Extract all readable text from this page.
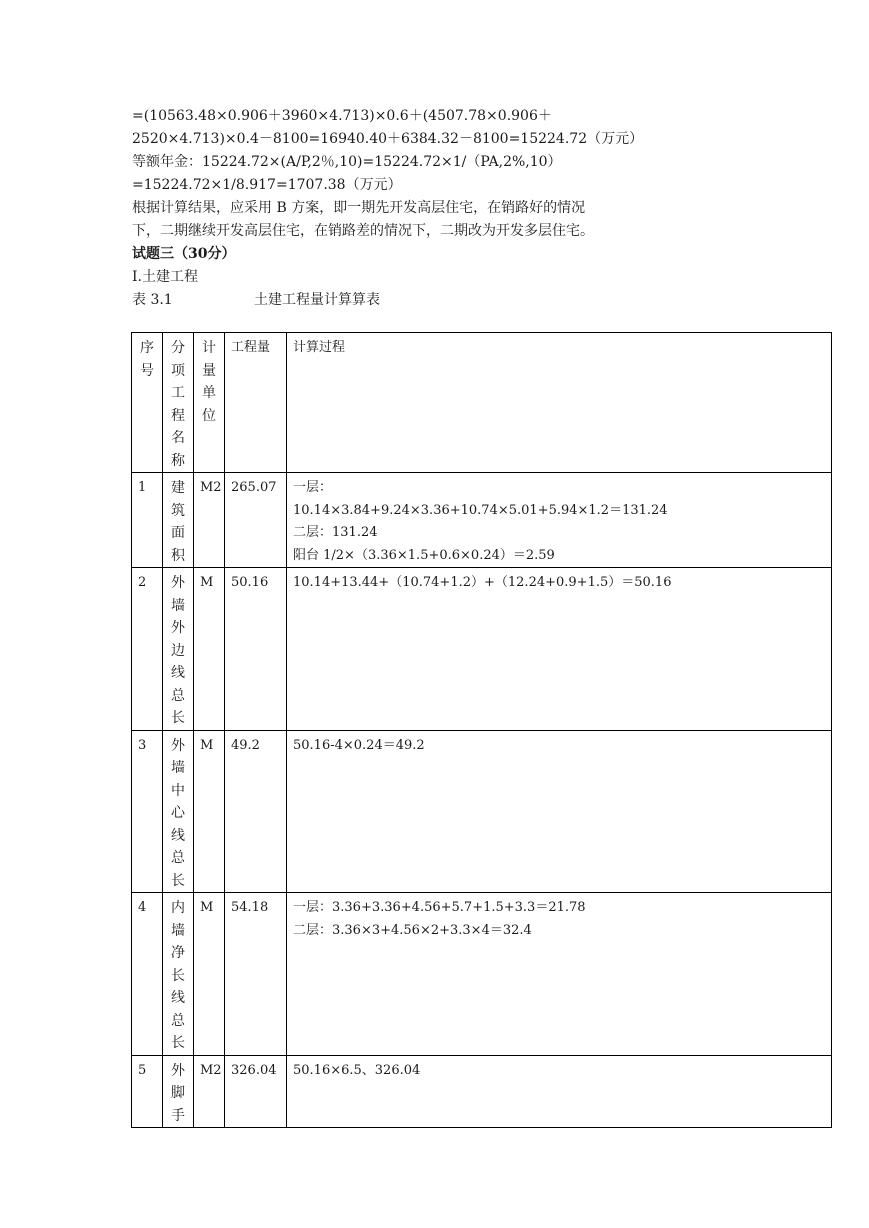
=(10563.48×0.906＋3960×4.713)×0.6＋(4507.78×0.906＋
2520×4.713)×0.4－8100=16940.40＋6384.32－8100=15224.72（万元）
等额年金：15224.72×(A/P,2％,10)=15224.72×1/（PA,2%,10）
=15224.72×1/8.917=1707.38（万元）
根据计算结果，应采用 B 方案，即一期先开发高层住宅，在销路好的情况
下，二期继续开发高层住宅，在销路差的情况下，二期改为开发多层住宅。
试题三（30分）
Ⅰ.土建工程
表 3.1	土建工程量计算算表
序号	分项工程名称	计量单位	工程量	计算过程

1	建筑面积	M2	265.07	一层：
10.14×3.84+9.24×3.36+10.74×5.01+5.94×1.2＝131.24
二层：131.24
阳台 1/2×（3.36×1.5+0.6×0.24）＝2.59

2	外墙外边线总长	M	50.16	10.14+13.44+（10.74+1.2）+（12.24+0.9+1.5）＝50.16

3	外墙中心线总长	M	49.2	50.16-4×0.24＝49.2

4	内墙净长线总长	M	54.18	一层：3.36+3.36+4.56+5.7+1.5+3.3＝21.78
二层：3.36×3+4.56×2+3.3×4＝32.4

5	外脚手	M2	326.04	50.16×6.5、326.04
